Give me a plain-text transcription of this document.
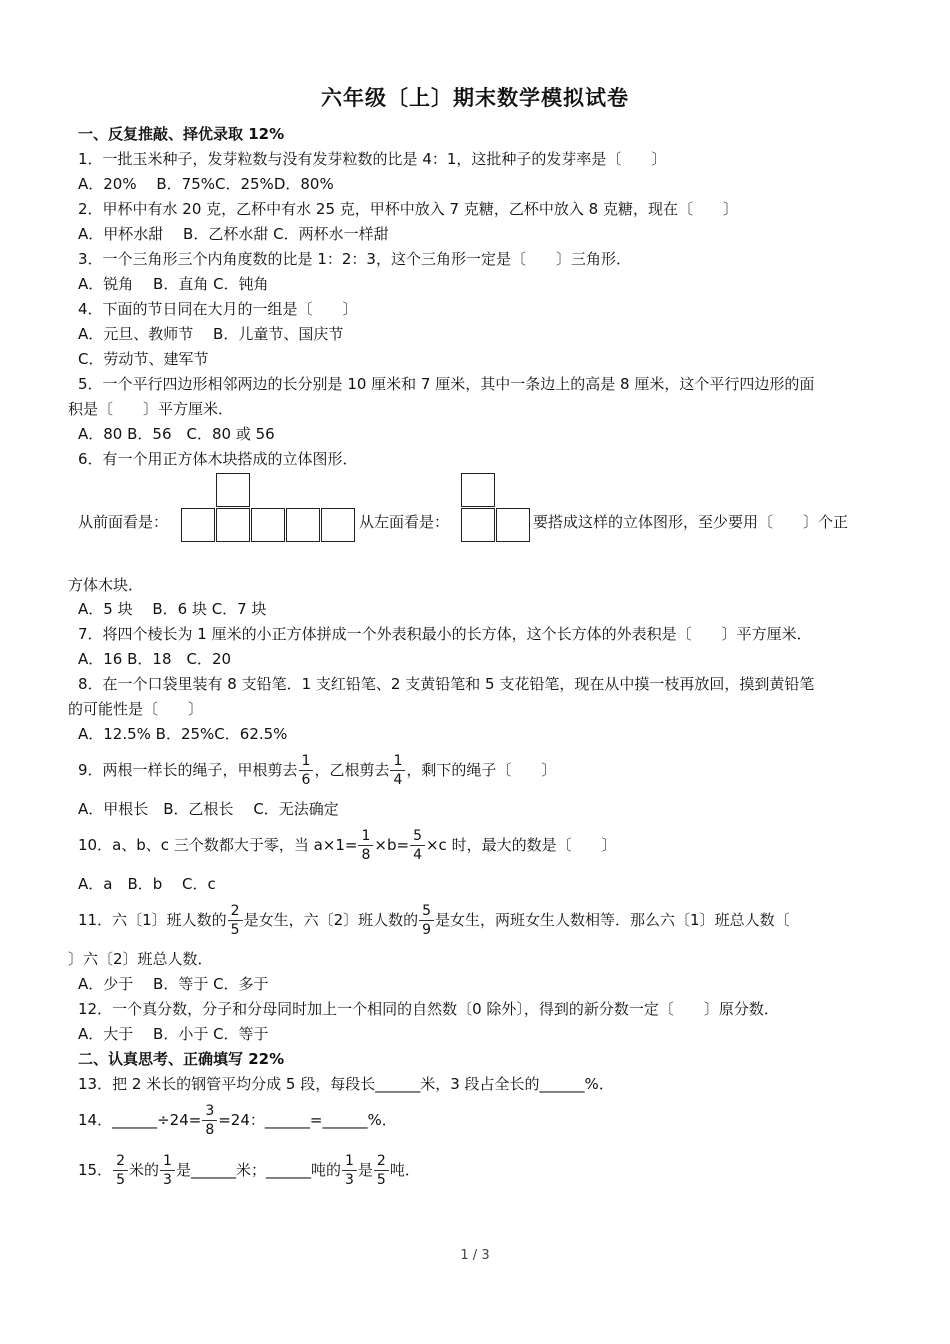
六年级〔上〕期末数学模拟试卷
一、反复推敲、择优录取 12%
1．一批玉米种子，发芽粒数与没有发芽粒数的比是 4：1，这批种子的发芽率是〔　　〕
A．20%　 B．75%C．25%D．80%
2．甲杯中有水 20 克，乙杯中有水 25 克，甲杯中放入 7 克糖，乙杯中放入 8 克糖，现在〔　　〕
A．甲杯水甜　 B．乙杯水甜 C．两杯水一样甜
3．一个三角形三个内角度数的比是 1：2：3，这个三角形一定是〔　　〕三角形．
A．锐角　 B．直角 C．钝角
4．下面的节日同在大月的一组是〔　　〕
A．元旦、教师节　 B．儿童节、国庆节
C．劳动节、建军节
5．一个平行四边形相邻两边的长分别是 10 厘米和 7 厘米，其中一条边上的高是 8 厘米，这个平行四边形的面
积是〔　　〕平方厘米．
A．80 B．56　C．80 或 56
6．有一个用正方体木块搭成的立体图形．
从前面看是：	从左面看是：	要搭成这样的立体图形，至少要用〔　　〕个正
方体木块．
A．5 块　 B．6 块 C．7 块
7．将四个棱长为 1 厘米的小正方体拼成一个外表积最小的长方体，这个长方体的外表积是〔　　〕平方厘米．
A．16 B．18　C．20
8．在一个口袋里装有 8 支铅笔．1 支红铅笔、2 支黄铅笔和 5 支花铅笔，现在从中摸一枝再放回，摸到黄铅笔
的可能性是〔　　〕
A．12.5% B．25%C．62.5%
9．两根一样长的绳子，甲根剪去 $\frac{1}{6}$ ，乙根剪去 $\frac{1}{4}$ ，剩下的绳子〔　　〕
A．甲根长　B．乙根长　 C．无法确定
10．a、b、c 三个数都大于零，当 $a\times 1= \frac{1}{8} \times b= \frac{5}{4} \times c$ 时，最大的数是〔　　〕
A．a　B．b　 C．c
11．六〔1〕班人数的 $\frac{2}{5}$ 是女生，六〔2〕班人数的 $\frac{5}{9}$ 是女生，两班女生人数相等．那么六〔1〕班总人数〔
〕六〔2〕班总人数．
A．少于　 B．等于 C．多于
12．一个真分数，分子和分母同时加上一个相同的自然数〔0 除外〕，得到的新分数一定〔　　〕原分数．
A．大于　 B．小于 C．等于
二、认真思考、正确填写 22%
13．把 2 米长的钢管平均分成 5 段，每段长______米，3 段占全长的______%．
14．______÷24= $\frac{3}{8} =24$：______=______%．
15． $\frac{2}{5}$ 米的 $\frac{1}{3}$ 是______米；______吨的 $\frac{1}{3}$ 是 $\frac{2}{5}$ 吨．
1 / 3
